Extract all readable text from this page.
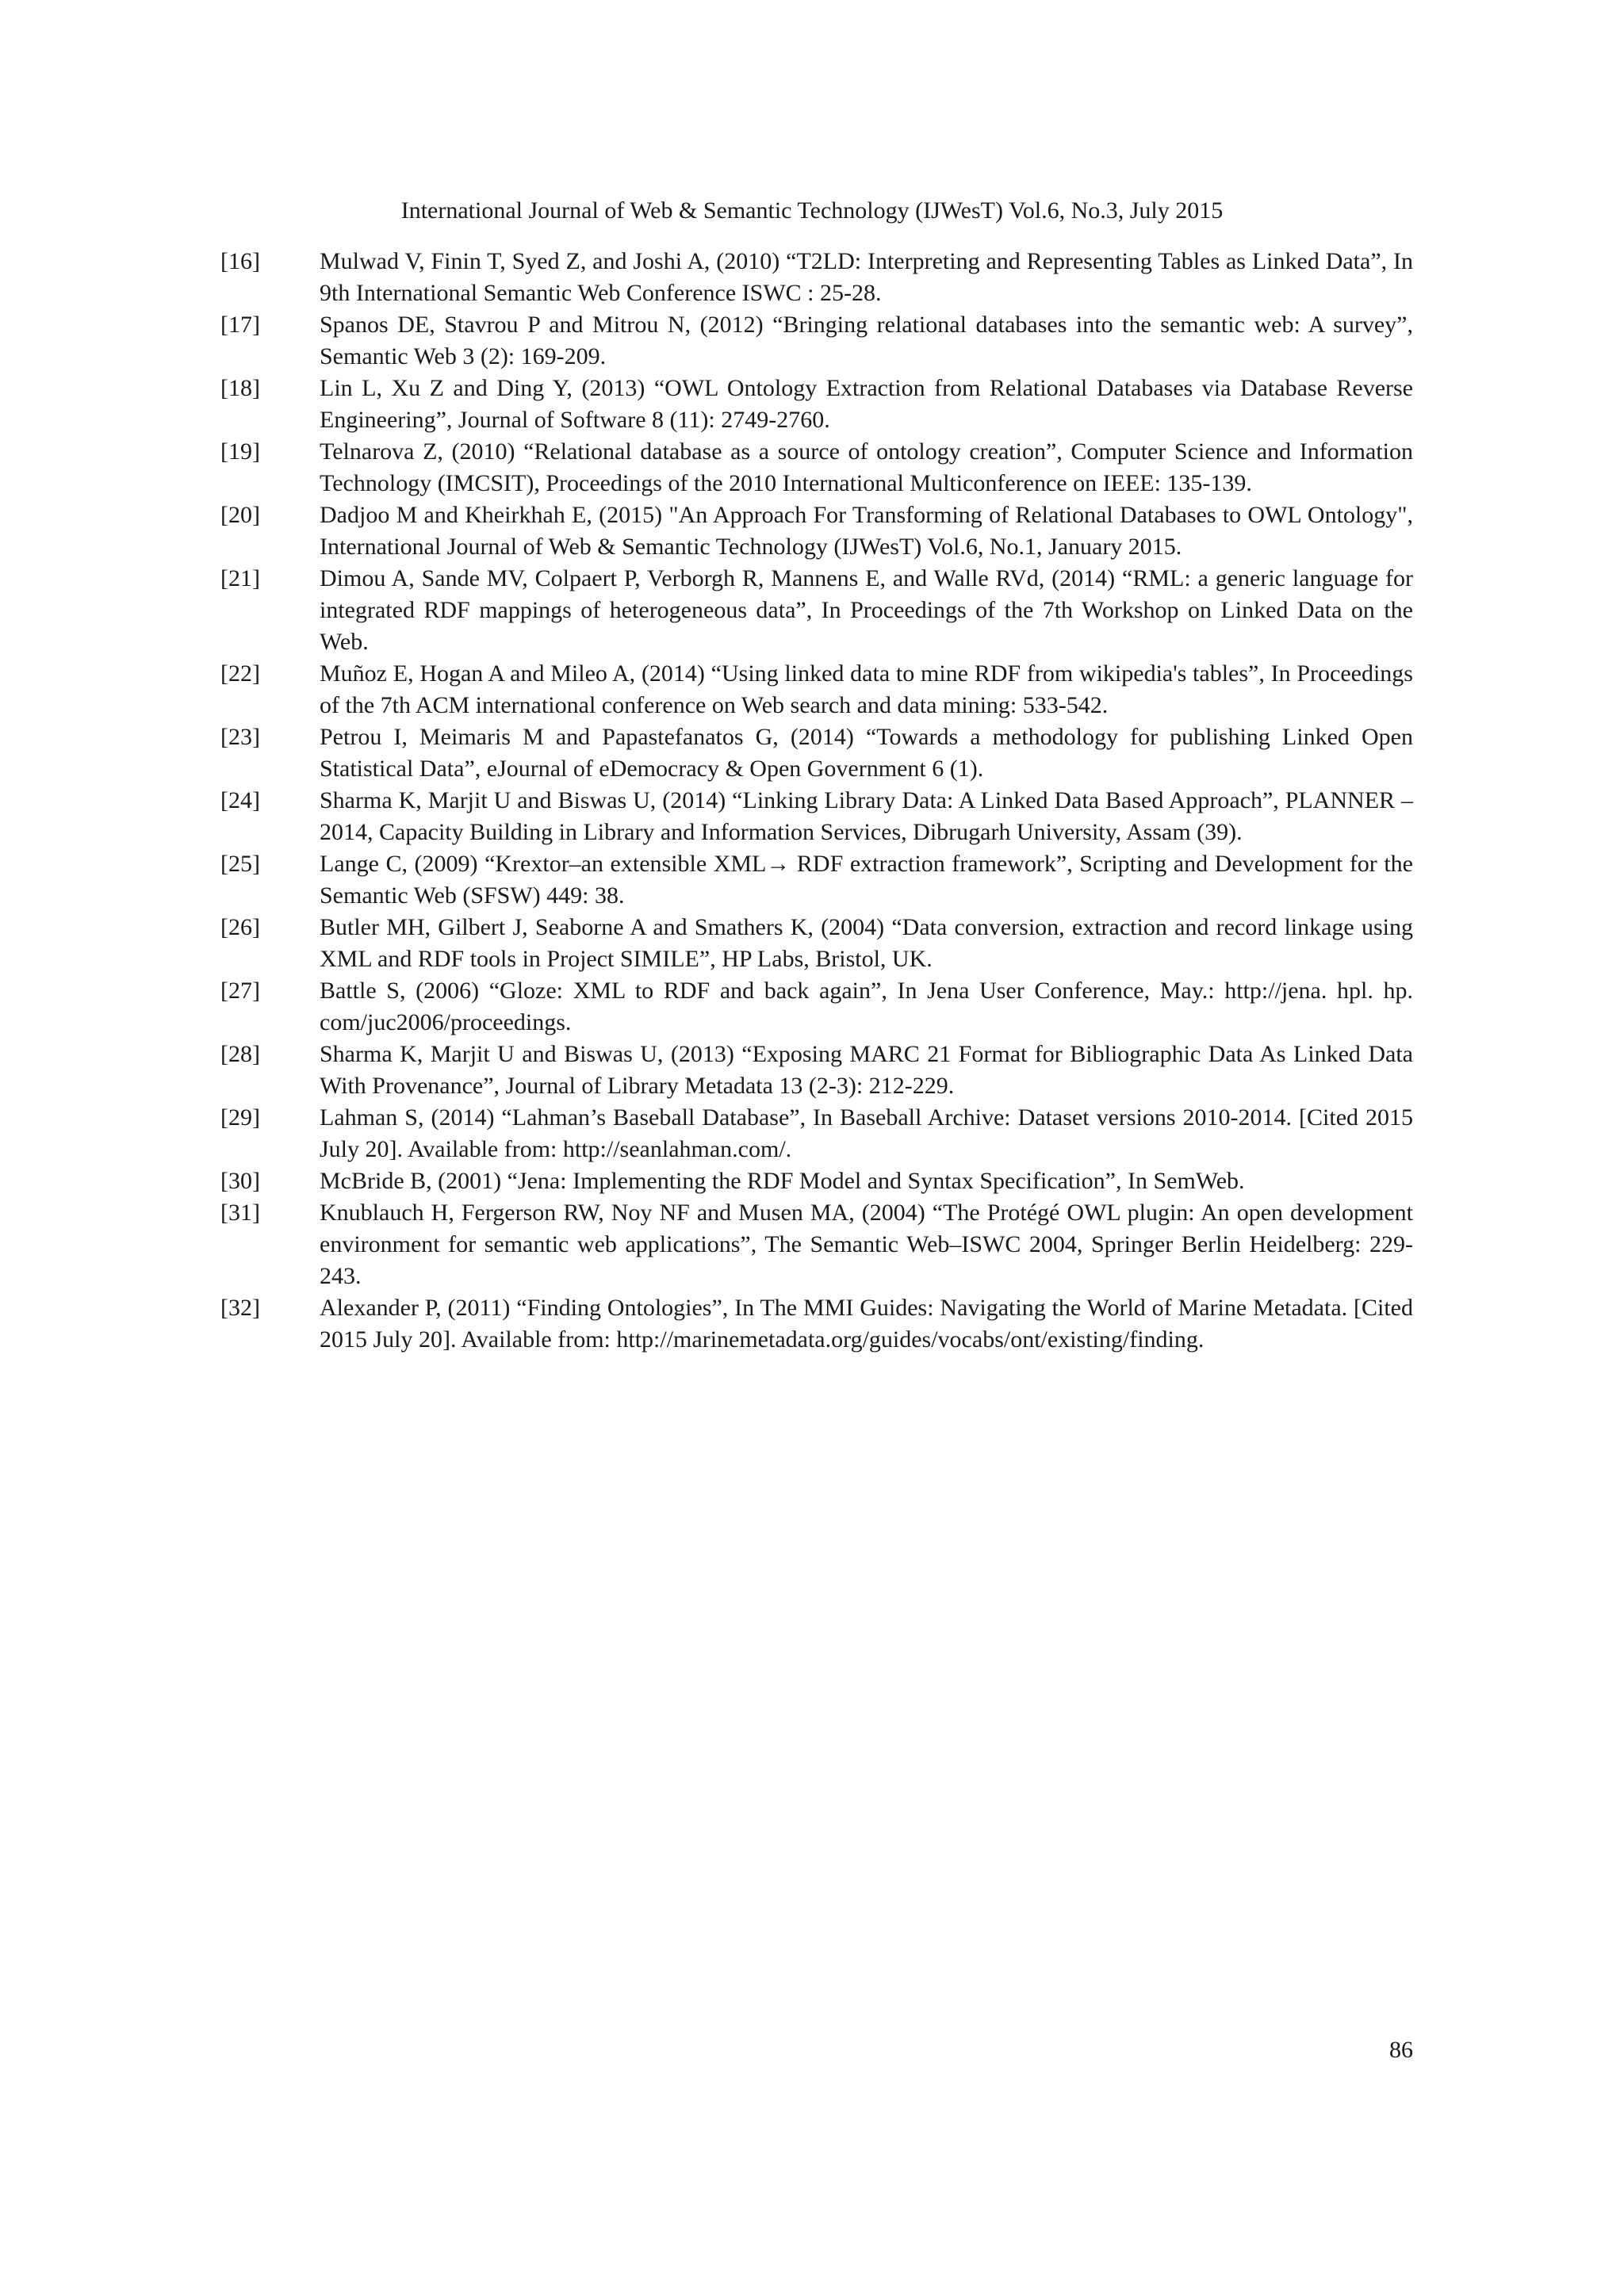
International Journal of Web & Semantic Technology (IJWesT) Vol.6, No.3, July 2015
[16]	Mulwad V, Finin T, Syed Z, and Joshi A, (2010) “T2LD: Interpreting and Representing Tables as Linked Data”, In 9th International Semantic Web Conference ISWC : 25-28.
[17]	Spanos DE, Stavrou P and Mitrou N, (2012) “Bringing relational databases into the semantic web: A survey”, Semantic Web 3 (2): 169-209.
[18]	Lin L, Xu Z and Ding Y, (2013) “OWL Ontology Extraction from Relational Databases via Database Reverse Engineering”, Journal of Software 8 (11): 2749-2760.
[19]	Telnarova Z, (2010) “Relational database as a source of ontology creation”, Computer Science and Information Technology (IMCSIT), Proceedings of the 2010 International Multiconference on IEEE: 135-139.
[20]	Dadjoo M and Kheirkhah E, (2015) "An Approach For Transforming of Relational Databases to OWL Ontology", International Journal of Web & Semantic Technology (IJWesT) Vol.6, No.1, January 2015.
[21]	Dimou A, Sande MV, Colpaert P, Verborgh R, Mannens E, and Walle RVd, (2014) “RML: a generic language for integrated RDF mappings of heterogeneous data”, In Proceedings of the 7th Workshop on Linked Data on the Web.
[22]	Muñoz E, Hogan A and Mileo A, (2014) “Using linked data to mine RDF from wikipedia's tables”, In Proceedings of the 7th ACM international conference on Web search and data mining: 533-542.
[23]	Petrou I, Meimaris M and Papastefanatos G, (2014) “Towards a methodology for publishing Linked Open Statistical Data”, eJournal of eDemocracy & Open Government 6 (1).
[24]	Sharma K, Marjit U and Biswas U, (2014) “Linking Library Data: A Linked Data Based Approach”, PLANNER – 2014, Capacity Building in Library and Information Services, Dibrugarh University, Assam (39).
[25]	Lange C, (2009) “Krextor–an extensible XML→ RDF extraction framework”, Scripting and Development for the Semantic Web (SFSW) 449: 38.
[26]	Butler MH, Gilbert J, Seaborne A and Smathers K, (2004) “Data conversion, extraction and record linkage using XML and RDF tools in Project SIMILE”, HP Labs, Bristol, UK.
[27]	Battle S, (2006) “Gloze: XML to RDF and back again”, In Jena User Conference, May.: http://jena. hpl. hp. com/juc2006/proceedings.
[28]	Sharma K, Marjit U and Biswas U, (2013) “Exposing MARC 21 Format for Bibliographic Data As Linked Data With Provenance”, Journal of Library Metadata 13 (2-3): 212-229.
[29]	Lahman S, (2014) “Lahman’s Baseball Database”, In Baseball Archive: Dataset versions 2010-2014. [Cited 2015 July 20]. Available from: http://seanlahman.com/.
[30]	McBride B, (2001) “Jena: Implementing the RDF Model and Syntax Specification”, In SemWeb.
[31]	Knublauch H, Fergerson RW, Noy NF and Musen MA, (2004) “The Protégé OWL plugin: An open development environment for semantic web applications”, The Semantic Web–ISWC 2004, Springer Berlin Heidelberg: 229-243.
[32]	Alexander P, (2011) “Finding Ontologies”, In The MMI Guides: Navigating the World of Marine Metadata. [Cited 2015 July 20]. Available from: http://marinemetadata.org/guides/vocabs/ont/existing/finding.
86
